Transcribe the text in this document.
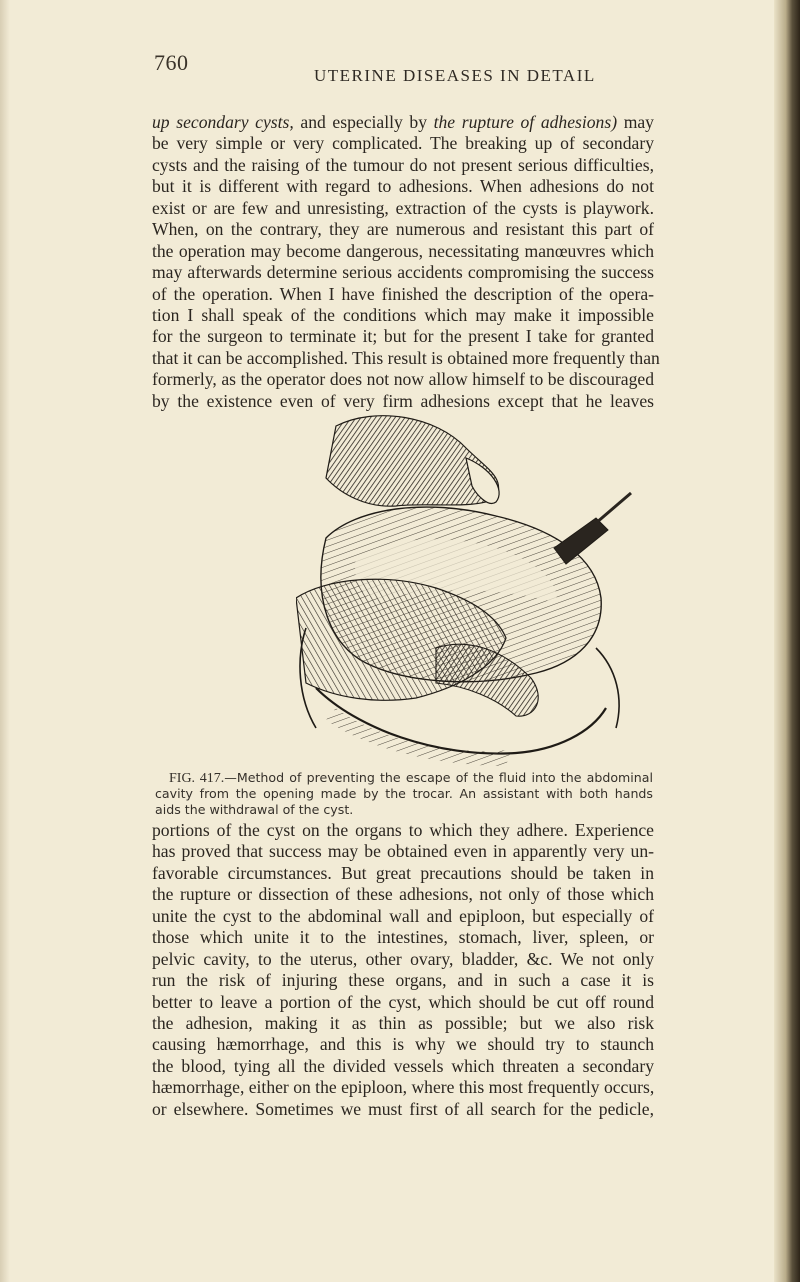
760
UTERINE DISEASES IN DETAIL
up secondary cysts, and especially by the rupture of adhesions) may
be very simple or very complicated. The breaking up of secondary
cysts and the raising of the tumour do not present serious difficulties,
but it is different with regard to adhesions. When adhesions do not
exist or are few and unresisting, extraction of the cysts is playwork.
When, on the contrary, they are numerous and resistant this part of
the operation may become dangerous, necessitating manœuvres which
may afterwards determine serious accidents compromising the success
of the operation. When I have finished the description of the opera-
tion I shall speak of the conditions which may make it impossible
for the surgeon to terminate it; but for the present I take for granted
that it can be accomplished. This result is obtained more frequently than
formerly, as the operator does not now allow himself to be discouraged
by the existence even of very firm adhesions except that he leaves
FIG. 417.—Method of preventing the escape of the fluid into the abdominal
cavity from the opening made by the trocar. An assistant with both hands
aids the withdrawal of the cyst.
portions of the cyst on the organs to which they adhere. Experience
has proved that success may be obtained even in apparently very un-
favorable circumstances. But great precautions should be taken in
the rupture or dissection of these adhesions, not only of those which
unite the cyst to the abdominal wall and epiploon, but especially of
those which unite it to the intestines, stomach, liver, spleen, or
pelvic cavity, to the uterus, other ovary, bladder, &c. We not only
run the risk of injuring these organs, and in such a case it is
better to leave a portion of the cyst, which should be cut off round
the adhesion, making it as thin as possible; but we also risk
causing hæmorrhage, and this is why we should try to staunch
the blood, tying all the divided vessels which threaten a secondary
hæmorrhage, either on the epiploon, where this most frequently occurs,
or elsewhere. Sometimes we must first of all search for the pedicle,
